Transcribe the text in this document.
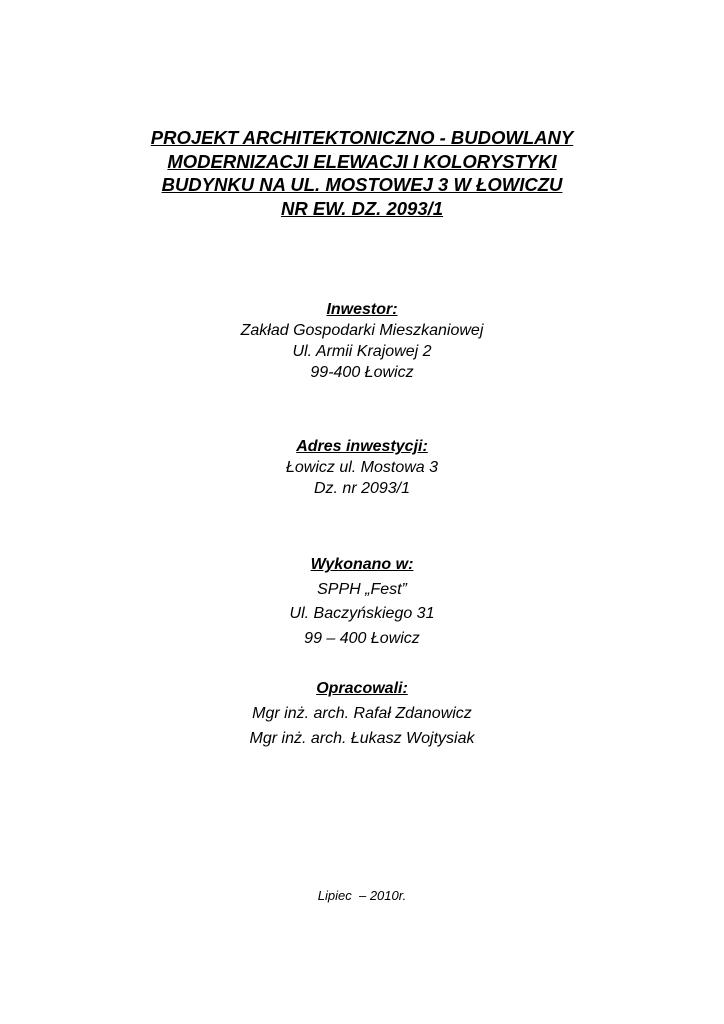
PROJEKT ARCHITEKTONICZNO - BUDOWLANY
MODERNIZACJI ELEWACJI I KOLORYSTYKI
BUDYNKU NA UL. MOSTOWEJ 3 W ŁOWICZU
NR EW. DZ. 2093/1
Inwestor:
Zakład Gospodarki Mieszkaniowej
Ul. Armii Krajowej 2
99-400 Łowicz
Adres inwestycji:
Łowicz ul. Mostowa 3
Dz. nr 2093/1
Wykonano w:
SPPH „Fest”
Ul. Baczyńskiego 31
99 – 400 Łowicz
Opracowali:
Mgr inż. arch. Rafał Zdanowicz
Mgr inż. arch. Łukasz Wojtysiak
Lipiec  – 2010r.
